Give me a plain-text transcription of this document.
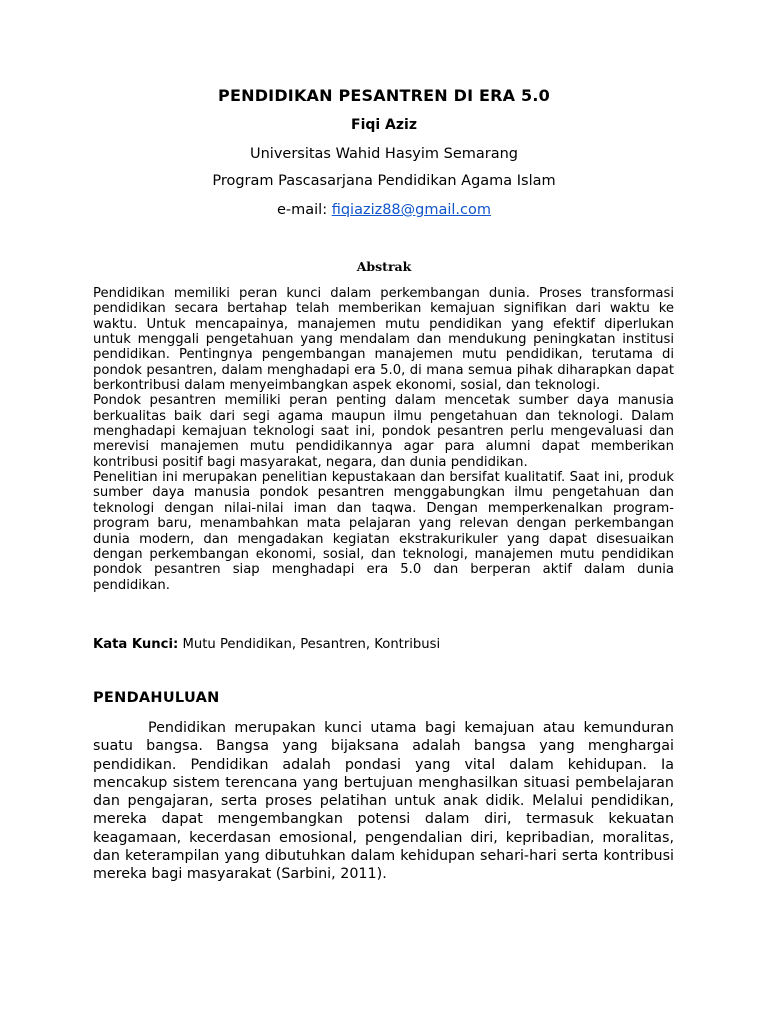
PENDIDIKAN PESANTREN DI ERA 5.0
Fiqi Aziz
Universitas Wahid Hasyim Semarang
Program Pascasarjana Pendidikan Agama Islam
e-mail: fiqiaziz88@gmail.com
Abstrak

Pendidikan memiliki peran kunci dalam perkembangan dunia. Proses transformasi pendidikan secara bertahap telah memberikan kemajuan signifikan dari waktu ke waktu. Untuk mencapainya, manajemen mutu pendidikan yang efektif diperlukan untuk menggali pengetahuan yang mendalam dan mendukung peningkatan institusi pendidikan. Pentingnya pengembangan manajemen mutu pendidikan, terutama di pondok pesantren, dalam menghadapi era 5.0, di mana semua pihak diharapkan dapat berkontribusi dalam menyeimbangkan aspek ekonomi, sosial, dan teknologi.

Pondok pesantren memiliki peran penting dalam mencetak sumber daya manusia berkualitas baik dari segi agama maupun ilmu pengetahuan dan teknologi. Dalam menghadapi kemajuan teknologi saat ini, pondok pesantren perlu mengevaluasi dan merevisi manajemen mutu pendidikannya agar para alumni dapat memberikan kontribusi positif bagi masyarakat, negara, dan dunia pendidikan.

Penelitian ini merupakan penelitian kepustakaan dan bersifat kualitatif. Saat ini, produk sumber daya manusia pondok pesantren menggabungkan ilmu pengetahuan dan teknologi dengan nilai-nilai iman dan taqwa. Dengan memperkenalkan program-program baru, menambahkan mata pelajaran yang relevan dengan perkembangan dunia modern, dan mengadakan kegiatan ekstrakurikuler yang dapat disesuaikan dengan perkembangan ekonomi, sosial, dan teknologi, manajemen mutu pendidikan pondok pesantren siap menghadapi era 5.0 dan berperan aktif dalam dunia pendidikan.

Kata Kunci: Mutu Pendidikan, Pesantren, Kontribusi
PENDAHULUAN

Pendidikan merupakan kunci utama bagi kemajuan atau kemunduran suatu bangsa. Bangsa yang bijaksana adalah bangsa yang menghargai pendidikan. Pendidikan adalah pondasi yang vital dalam kehidupan. Ia mencakup sistem terencana yang bertujuan menghasilkan situasi pembelajaran dan pengajaran, serta proses pelatihan untuk anak didik. Melalui pendidikan, mereka dapat mengembangkan potensi dalam diri, termasuk kekuatan keagamaan, kecerdasan emosional, pengendalian diri, kepribadian, moralitas, dan keterampilan yang dibutuhkan dalam kehidupan sehari-hari serta kontribusi mereka bagi masyarakat (Sarbini, 2011).
